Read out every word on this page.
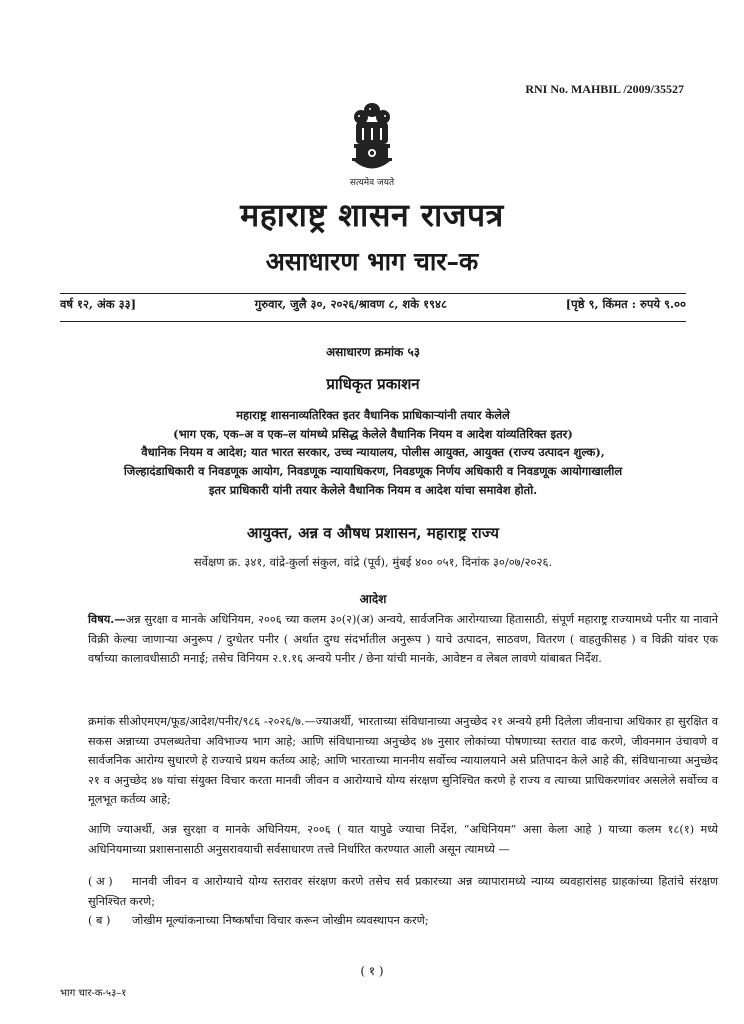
RNI No. MAHBIL /2009/35527
सत्यमेव जयते
महाराष्ट्र शासन राजपत्र
असाधारण भाग चार–क
वर्ष १२, अंक ३३]	गुरुवार, जुलै ३०, २०२६/श्रावण ८, शके १९४८	[पृष्ठे ९, किंमत : रुपये ९.००
असाधारण क्रमांक ५३
प्राधिकृत प्रकाशन
महाराष्ट्र शासनाव्यतिरिक्त इतर वैधानिक प्राधिकाऱ्यांनी तयार केलेले
(भाग एक, एक–अ व एक–ल यांमध्ये प्रसिद्ध केलेले वैधानिक नियम व आदेश यांव्यतिरिक्त इतर)
वैधानिक नियम व आदेश; यात भारत सरकार, उच्च न्यायालय, पोलीस आयुक्त, आयुक्त (राज्य उत्पादन शुल्क),
जिल्हादंडाधिकारी व निवडणूक आयोग, निवडणूक न्यायाधिकरण, निवडणूक निर्णय अधिकारी व निवडणूक आयोगाखालील
इतर प्राधिकारी यांनी तयार केलेले वैधानिक नियम व आदेश यांचा समावेश होतो.
आयुक्त, अन्न व औषध प्रशासन, महाराष्ट्र राज्य
सर्वेक्षण क्र. ३४१, वांद्रे-कुर्ला संकुल, वांद्रे (पूर्व), मुंबई ४०० ०५१, दिनांक ३०/०७/२०२६.
आदेश
विषय.—अन्न सुरक्षा व मानके अधिनियम, २००६ च्या कलम ३०(२)(अ) अन्वये, सार्वजनिक आरोग्याच्या हितासाठी, संपूर्ण महाराष्ट्र राज्यामध्ये पनीर या नावाने विक्री केल्या जाणाऱ्या अनुरूप / दुग्धेतर पनीर ( अर्थात दुग्ध संदर्भातील अनुरूप ) याचे उत्पादन, साठवण, वितरण ( वाहतुकीसह ) व विक्री यांवर एक वर्षाच्या कालावधीसाठी मनाई; तसेच विनियम २.१.१६ अन्वये पनीर / छेना यांची मानके, आवेष्टन व लेबल लावणे यांबाबत निर्देश.
क्रमांक सीओएमएम/फूड/आदेश/पनीर/९८६ -२०२६/७.—ज्याअर्थी, भारताच्या संविधानाच्या अनुच्छेद २१ अन्वये हमी दिलेला जीवनाचा अधिकार हा सुरक्षित व सकस अन्नाच्या उपलब्धतेचा अविभाज्य भाग आहे; आणि संविधानाच्या अनुच्छेद ४७ नुसार लोकांच्या पोषणाच्या स्तरात वाढ करणे, जीवनमान उंचावणे व सार्वजनिक आरोग्य सुधारणे हे राज्याचे प्रथम कर्तव्य आहे; आणि भारताच्या माननीय सर्वोच्च न्यायालयाने असे प्रतिपादन केले आहे की, संविधानाच्या अनुच्छेद २१ व अनुच्छेद ४७ यांचा संयुक्त विचार करता मानवी जीवन व आरोग्याचे योग्य संरक्षण सुनिश्चित करणे हे राज्य व त्याच्या प्राधिकरणांवर असलेले सर्वोच्च व मूलभूत कर्तव्य आहे;
आणि ज्याअर्थी, अन्न सुरक्षा व मानके अधिनियम, २००६ ( यात यापुढे ज्याचा निर्देश, “अधिनियम” असा केला आहे ) याच्या कलम १८(१) मध्ये अधिनियमाच्या प्रशासनासाठी अनुसरावयाची सर्वसाधारण तत्त्वे निर्धारित करण्यात आली असून त्यामध्ये —
( अ ) मानवी जीवन व आरोग्याचे योग्य स्तरावर संरक्षण करणे तसेच सर्व प्रकारच्या अन्न व्यापारामध्ये न्याय्य व्यवहारांसह ग्राहकांच्या हितांचे संरक्षण सुनिश्चित करणे;
( ब ) जोखीम मूल्यांकनाच्या निष्कर्षांचा विचार करून जोखीम व्यवस्थापन करणे;
( १ )
भाग चार-क-५३–१
